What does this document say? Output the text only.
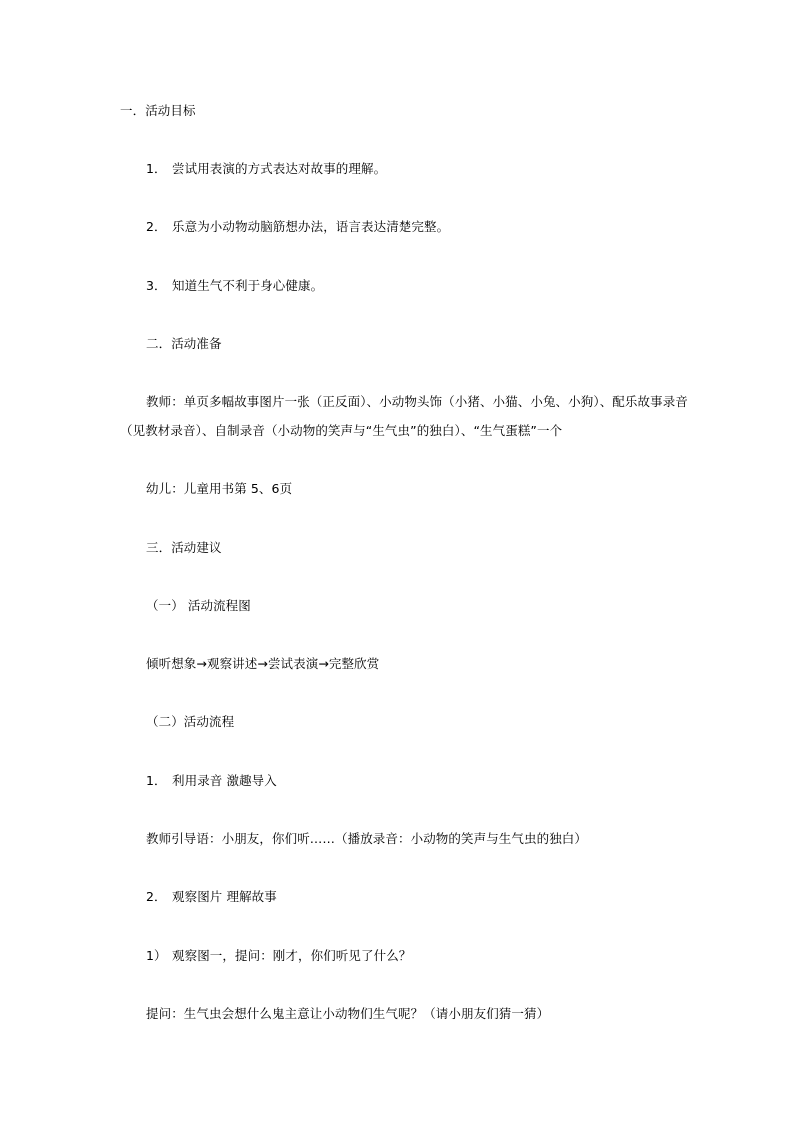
一．活动目标
1． 尝试用表演的方式表达对故事的理解。
2． 乐意为小动物动脑筋想办法，语言表达清楚完整。
3． 知道生气不利于身心健康。
二．活动准备
教师：单页多幅故事图片一张（正反面）、小动物头饰（小猪、小猫、小兔、小狗）、配乐故事录音
（见教材录音）、自制录音（小动物的笑声与“生气虫”的独白）、“生气蛋糕”一个
幼儿：儿童用书第 5、6页
三．活动建议
（一） 活动流程图
倾听想象→观察讲述→尝试表演→完整欣赏
（二）活动流程
1． 利用录音 激趣导入
教师引导语：小朋友，你们听……（播放录音：小动物的笑声与生气虫的独白）
2． 观察图片 理解故事
1） 观察图一，提问：刚才，你们听见了什么？
提问：生气虫会想什么鬼主意让小动物们生气呢？（请小朋友们猜一猜）
